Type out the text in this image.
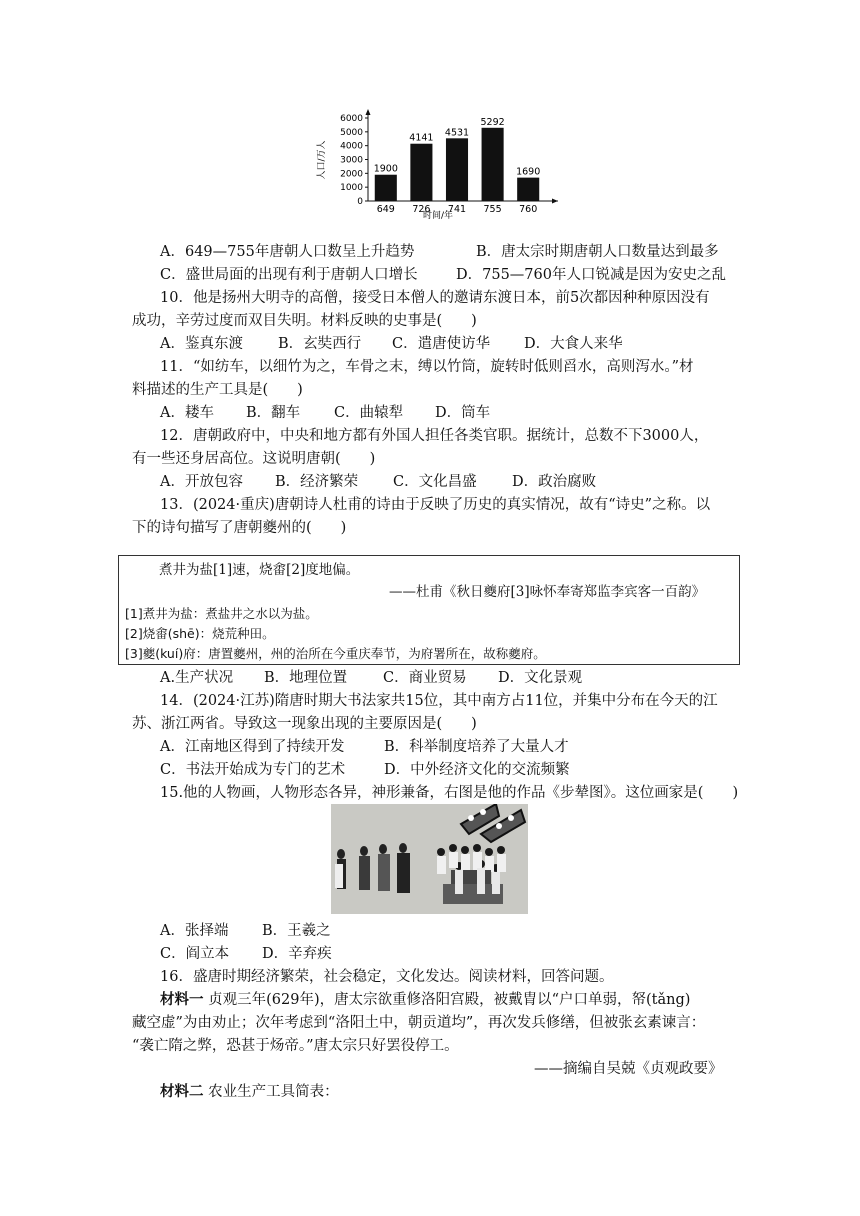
0
1000
2000
3000
4000
5000
6000
1900
649
4141
726
4531
741
5292
755
1690
760
人口/万人
时间/年
A．649—755年唐朝人口数呈上升趋势	B．唐太宗时期唐朝人口数量达到最多
C．盛世局面的出现有利于唐朝人口增长	D．755—760年人口锐减是因为安史之乱
10．他是扬州大明寺的高僧，接受日本僧人的邀请东渡日本，前5次都因种种原因没有
成功，辛劳过度而双目失明。材料反映的史事是(　　)
A．鉴真东渡 B．玄奘西行 C．遣唐使访华 D．大食人来华
11．“如纺车，以细竹为之，车骨之末，缚以竹筒，旋转时低则舀水，高则泻水。”材
料描述的生产工具是(　　)
A．耧车 B．翻车 C．曲辕犁 D．筒车
12．唐朝政府中，中央和地方都有外国人担任各类官职。据统计，总数不下3000人，
有一些还身居高位。这说明唐朝(　　)
A．开放包容 B．经济繁荣 C．文化昌盛 D．政治腐败
13．(2024·重庆)唐朝诗人杜甫的诗由于反映了历史的真实情况，故有“诗史”之称。以
下的诗句描写了唐朝夔州的(　　)
煮井为盐[1]速，烧畬[2]度地偏。
——杜甫《秋日夔府[3]咏怀奉寄郑监李宾客一百韵》
[1]煮井为盐：煮盐井之水以为盐。
[2]烧畬(shē)：烧荒种田。
[3]夔(kuí)府：唐置夔州，州的治所在今重庆奉节，为府署所在，故称夔府。
A.生产状况 B．地理位置 C．商业贸易 D．文化景观
14．(2024·江苏)隋唐时期大书法家共15位，其中南方占11位，并集中分布在今天的江
苏、浙江两省。导致这一现象出现的主要原因是(　　)
A．江南地区得到了持续开发	B．科举制度培养了大量人才
C．书法开始成为专门的艺术	D．中外经济文化的交流频繁
15.他的人物画，人物形态各异，神形兼备，右图是他的作品《步辇图》。这位画家是(　　)
A．张择端 B．王羲之
C．阎立本 D．辛弃疾
16．盛唐时期经济繁荣，社会稳定，文化发达。阅读材料，回答问题。
材料一 贞观三年(629年)，唐太宗欲重修洛阳宫殿，被戴胄以“户口单弱，帑(tǎng)
藏空虚”为由劝止；次年考虑到“洛阳土中，朝贡道均”，再次发兵修缮，但被张玄素谏言：
“袭亡隋之弊，恐甚于炀帝。”唐太宗只好罢役停工。
——摘编自吴兢《贞观政要》
材料二 农业生产工具简表：
